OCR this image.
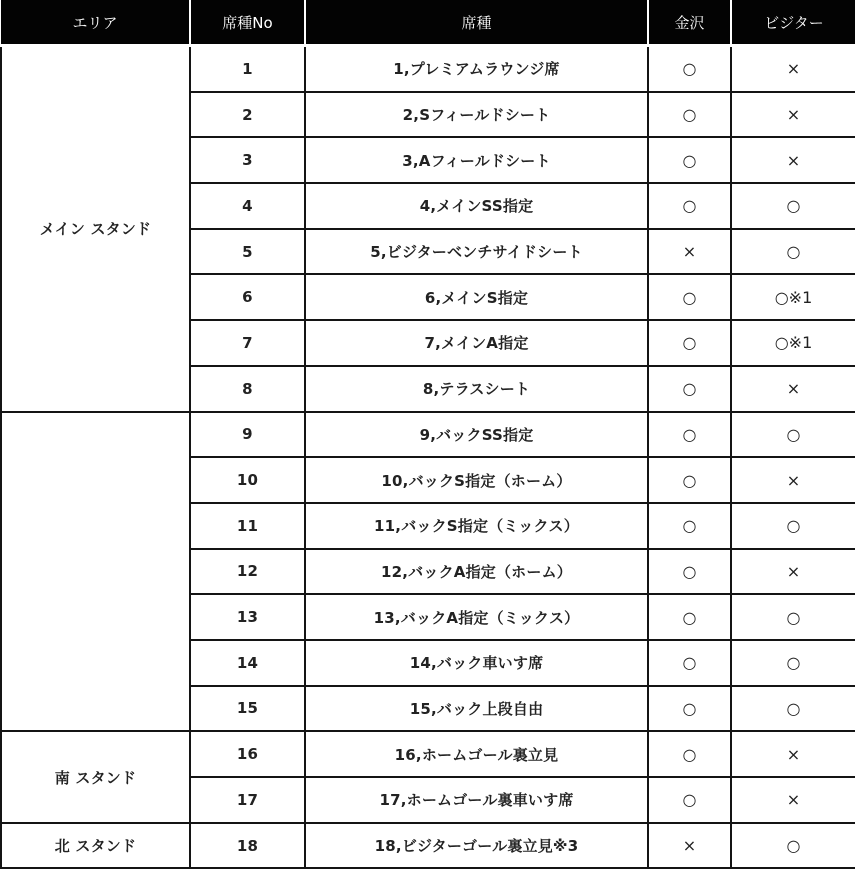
エリア	席種No	席種	金沢	ビジター
メイン スタンド	1	1,プレミアムラウンジ席	○	×
	2	2,Sフィールドシート	○	×
	3	3,Aフィールドシート	○	×
	4	4,メインSS指定	○	○
	5	5,ビジターベンチサイドシート	×	○
	6	6,メインS指定	○	○※1
	7	7,メインA指定	○	○※1
	8	8,テラスシート	○	×
	9	9,バックSS指定	○	○
	10	10,バックS指定（ホーム）	○	×
	11	11,バックS指定（ミックス）	○	○
	12	12,バックA指定（ホーム）	○	×
	13	13,バックA指定（ミックス）	○	○
	14	14,バック車いす席	○	○
	15	15,バック上段自由	○	○
南 スタンド	16	16,ホームゴール裏立見	○	×
	17	17,ホームゴール裏車いす席	○	×
北 スタンド	18	18,ビジターゴール裏立見※3	×	○
